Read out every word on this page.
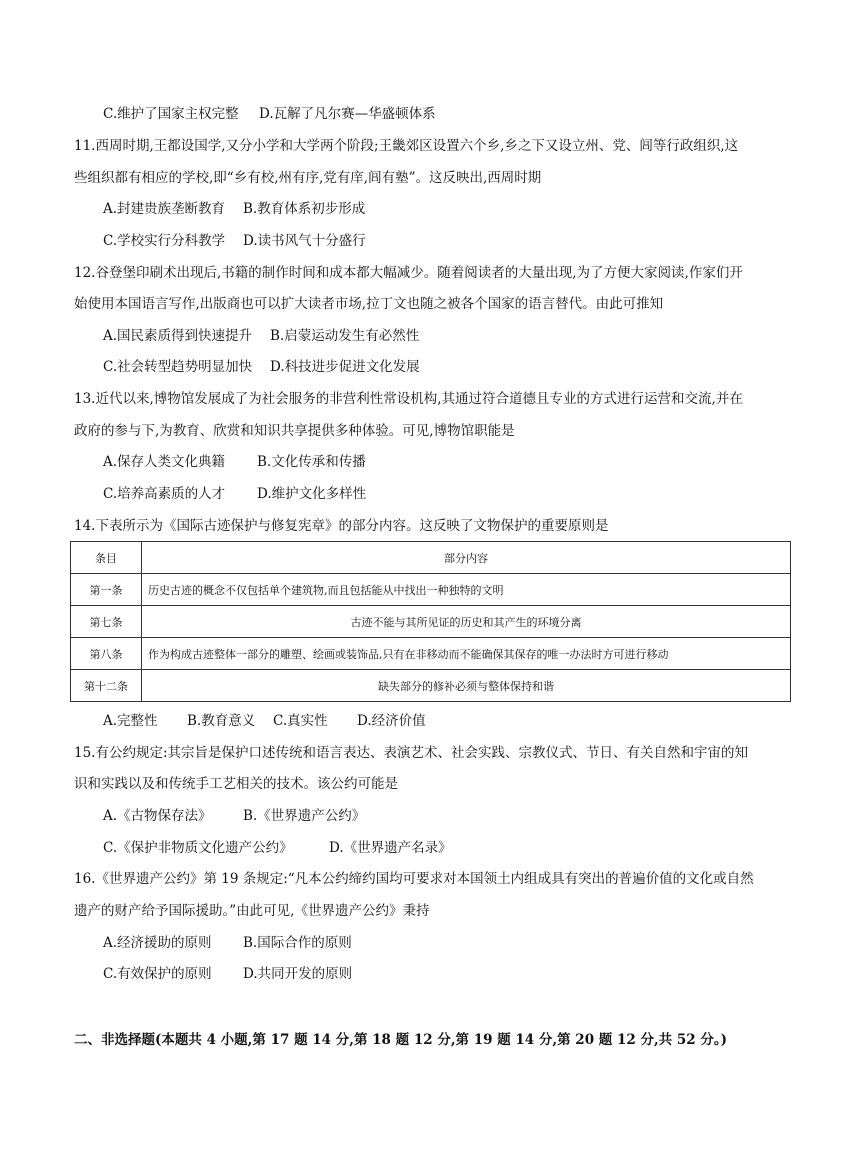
C.维护了国家主权完整 D.瓦解了凡尔赛—华盛顿体系
11.西周时期,王都设国学,又分小学和大学两个阶段;王畿郊区设置六个乡,乡之下又设立州、党、闾等行政组织,这
些组织都有相应的学校,即“乡有校,州有序,党有庠,闾有塾”。这反映出,西周时期
A.封建贵族垄断教育 B.教育体系初步形成
C.学校实行分科教学 D.读书风气十分盛行
12.谷登堡印刷术出现后,书籍的制作时间和成本都大幅减少。随着阅读者的大量出现,为了方便大家阅读,作家们开
始使用本国语言写作,出版商也可以扩大读者市场,拉丁文也随之被各个国家的语言替代。由此可推知
A.国民素质得到快速提升 B.启蒙运动发生有必然性
C.社会转型趋势明显加快 D.科技进步促进文化发展
13.近代以来,博物馆发展成了为社会服务的非营利性常设机构,其通过符合道德且专业的方式进行运营和交流,并在
政府的参与下,为教育、欣赏和知识共享提供多种体验。可见,博物馆职能是
A.保存人类文化典籍 B.文化传承和传播
C.培养高素质的人才 D.维护文化多样性
14.下表所示为《国际古迹保护与修复宪章》的部分内容。这反映了文物保护的重要原则是
条目	部分内容
第一条	历史古迹的概念不仅包括单个建筑物,而且包括能从中找出一种独特的文明
第七条	古迹不能与其所见证的历史和其产生的环境分离
第八条	作为构成古迹整体一部分的雕塑、绘画或装饰品,只有在非移动而不能确保其保存的唯一办法时方可进行移动
第十二条	缺失部分的修补必须与整体保持和谐
A.完整性 B.教育意义 C.真实性 D.经济价值
15.有公约规定:其宗旨是保护口述传统和语言表达、表演艺术、社会实践、宗教仪式、节日、有关自然和宇宙的知
识和实践以及和传统手工艺相关的技术。该公约可能是
A.《古物保存法》 B.《世界遗产公约》
C.《保护非物质文化遗产公约》	D.《世界遗产名录》
16.《世界遗产公约》第 19 条规定:“凡本公约缔约国均可要求对本国领土内组成具有突出的普遍价值的文化或自然
遗产的财产给予国际援助。”由此可见,《世界遗产公约》秉持
A.经济援助的原则 B.国际合作的原则
C.有效保护的原则 D.共同开发的原则
二、非选择题(本题共 4 小题,第 17 题 14 分,第 18 题 12 分,第 19 题 14 分,第 20 题 12 分,共 52 分。)
